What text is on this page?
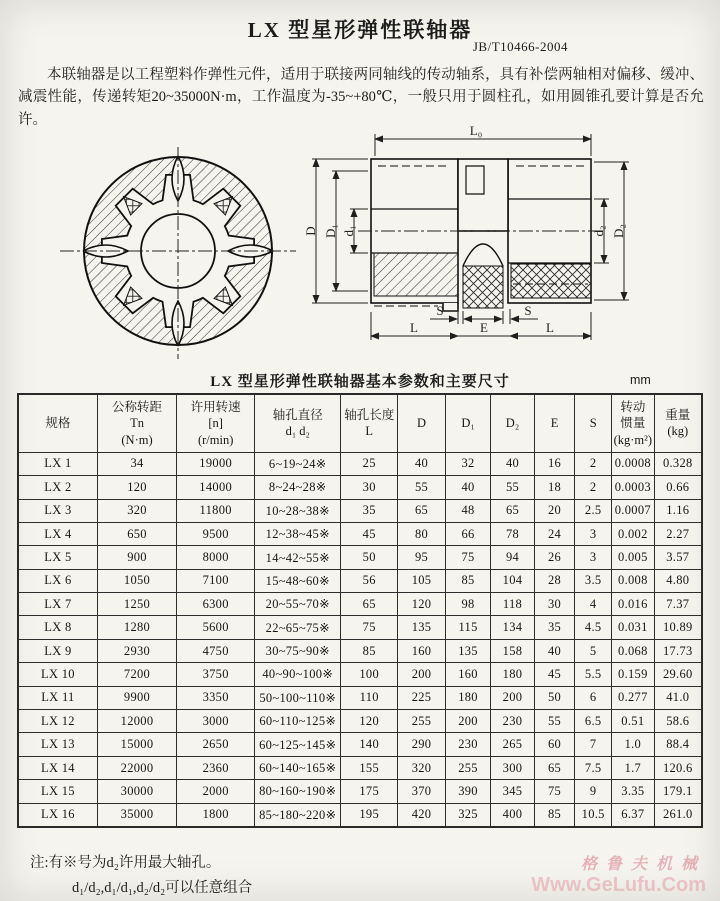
LX 型星形弹性联轴器
JB/T10466-2004
本联轴器是以工程塑料作弹性元件，适用于联接两同轴线的传动轴系，具有补偿两轴相对偏移、缓冲、减震性能，传递转矩20~35000N·m，工作温度为-35~+80℃，一般只用于圆柱孔，如用圆锥孔要计算是否允许。
L₀
D D₁ d₁	d₂ D₂
S	S
L	E	L
LX 型星形弹性联轴器基本参数和主要尺寸	mm
规格

公称转距
Tn
(N·m)

许用转速
[n]
(r/min)

轴孔直径
d₁ d₂

轴孔长度
L

D	D₁	D₂	E	S

转动
惯量
(kg·m²)

重量
(kg)

LX 1	34	19000	6~19~24※	25	40	32	40	16	2	0.0008	0.328
LX 2	120	14000	8~24~28※	30	55	40	55	18	2	0.0003	0.66
LX 3	320	11800	10~28~38※	35	65	48	65	20	2.5	0.0007	1.16
LX 4	650	9500	12~38~45※	45	80	66	78	24	3	0.002	2.27
LX 5	900	8000	14~42~55※	50	95	75	94	26	3	0.005	3.57
LX 6	1050	7100	15~48~60※	56	105	85	104	28	3.5	0.008	4.80
LX 7	1250	6300	20~55~70※	65	120	98	118	30	4	0.016	7.37
LX 8	1280	5600	22~65~75※	75	135	115	134	35	4.5	0.031	10.89
LX 9	2930	4750	30~75~90※	85	160	135	158	40	5	0.068	17.73
LX 10	7200	3750	40~90~100※	100	200	160	180	45	5.5	0.159	29.60
LX 11	9900	3350	50~100~110※	110	225	180	200	50	6	0.277	41.0
LX 12	12000	3000	60~110~125※	120	255	200	230	55	6.5	0.51	58.6
LX 13	15000	2650	60~125~145※	140	290	230	265	60	7	1.0	88.4
LX 14	22000	2360	60~140~165※	155	320	255	300	65	7.5	1.7	120.6
LX 15	30000	2000	80~160~190※	175	370	390	345	75	9	3.35	179.1
LX 16	35000	1800	85~180~220※	195	420	325	400	85	10.5	6.37	261.0
注:有※号为d₂许用最大轴孔。
d₁/d₂,d₁/d₁,d₂/d₂可以任意组合
格鲁夫机械
Www.GeLufu.Com
